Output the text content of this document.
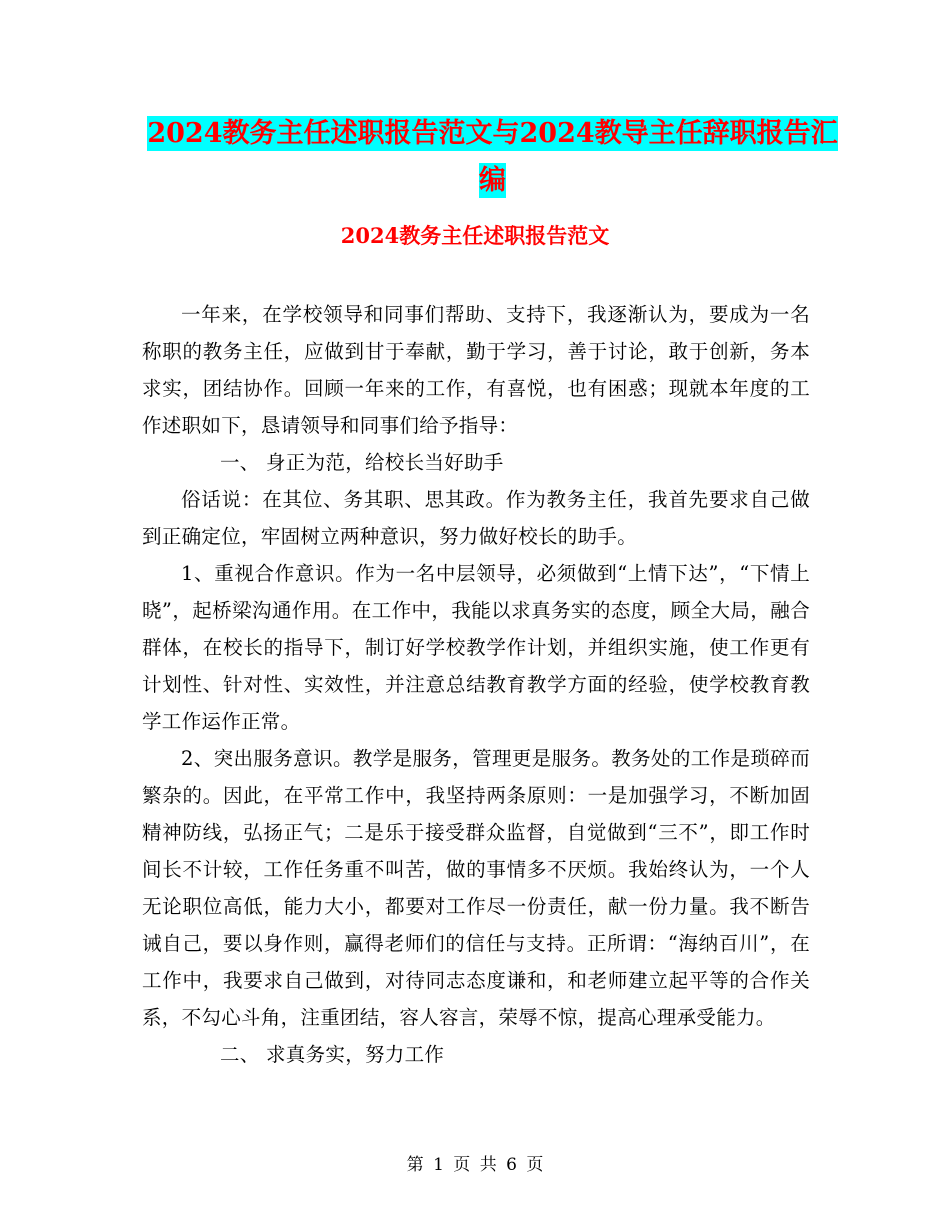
2024教务主任述职报告范文与2024教导主任辞职报告汇编
2024教务主任述职报告范文

一年来，在学校领导和同事们帮助、支持下，我逐渐认为，要成为一名称职的教务主任，应做到甘于奉献，勤于学习，善于讨论，敢于创新，务本求实，团结协作。回顾一年来的工作，有喜悦，也有困惑；现就本年度的工作述职如下，恳请领导和同事们给予指导：

一、 身正为范，给校长当好助手

俗话说：在其位、务其职、思其政。作为教务主任，我首先要求自己做到正确定位，牢固树立两种意识，努力做好校长的助手。

1、重视合作意识。作为一名中层领导，必须做到“上情下达”，“下情上晓”，起桥梁沟通作用。在工作中，我能以求真务实的态度，顾全大局，融合群体，在校长的指导下，制订好学校教学作计划，并组织实施，使工作更有计划性、针对性、实效性，并注意总结教育教学方面的经验，使学校教育教学工作运作正常。

2、突出服务意识。教学是服务，管理更是服务。教务处的工作是琐碎而繁杂的。因此，在平常工作中，我坚持两条原则：一是加强学习，不断加固精神防线，弘扬正气；二是乐于接受群众监督，自觉做到“三不”，即工作时间长不计较，工作任务重不叫苦，做的事情多不厌烦。我始终认为，一个人无论职位高低，能力大小，都要对工作尽一份责任，献一份力量。我不断告诫自己，要以身作则，赢得老师们的信任与支持。正所谓：“海纳百川”，在工作中，我要求自己做到，对待同志态度谦和，和老师建立起平等的合作关系，不勾心斗角，注重团结，容人容言，荣辱不惊，提高心理承受能力。

二、 求真务实，努力工作

第 1 页 共 6 页
